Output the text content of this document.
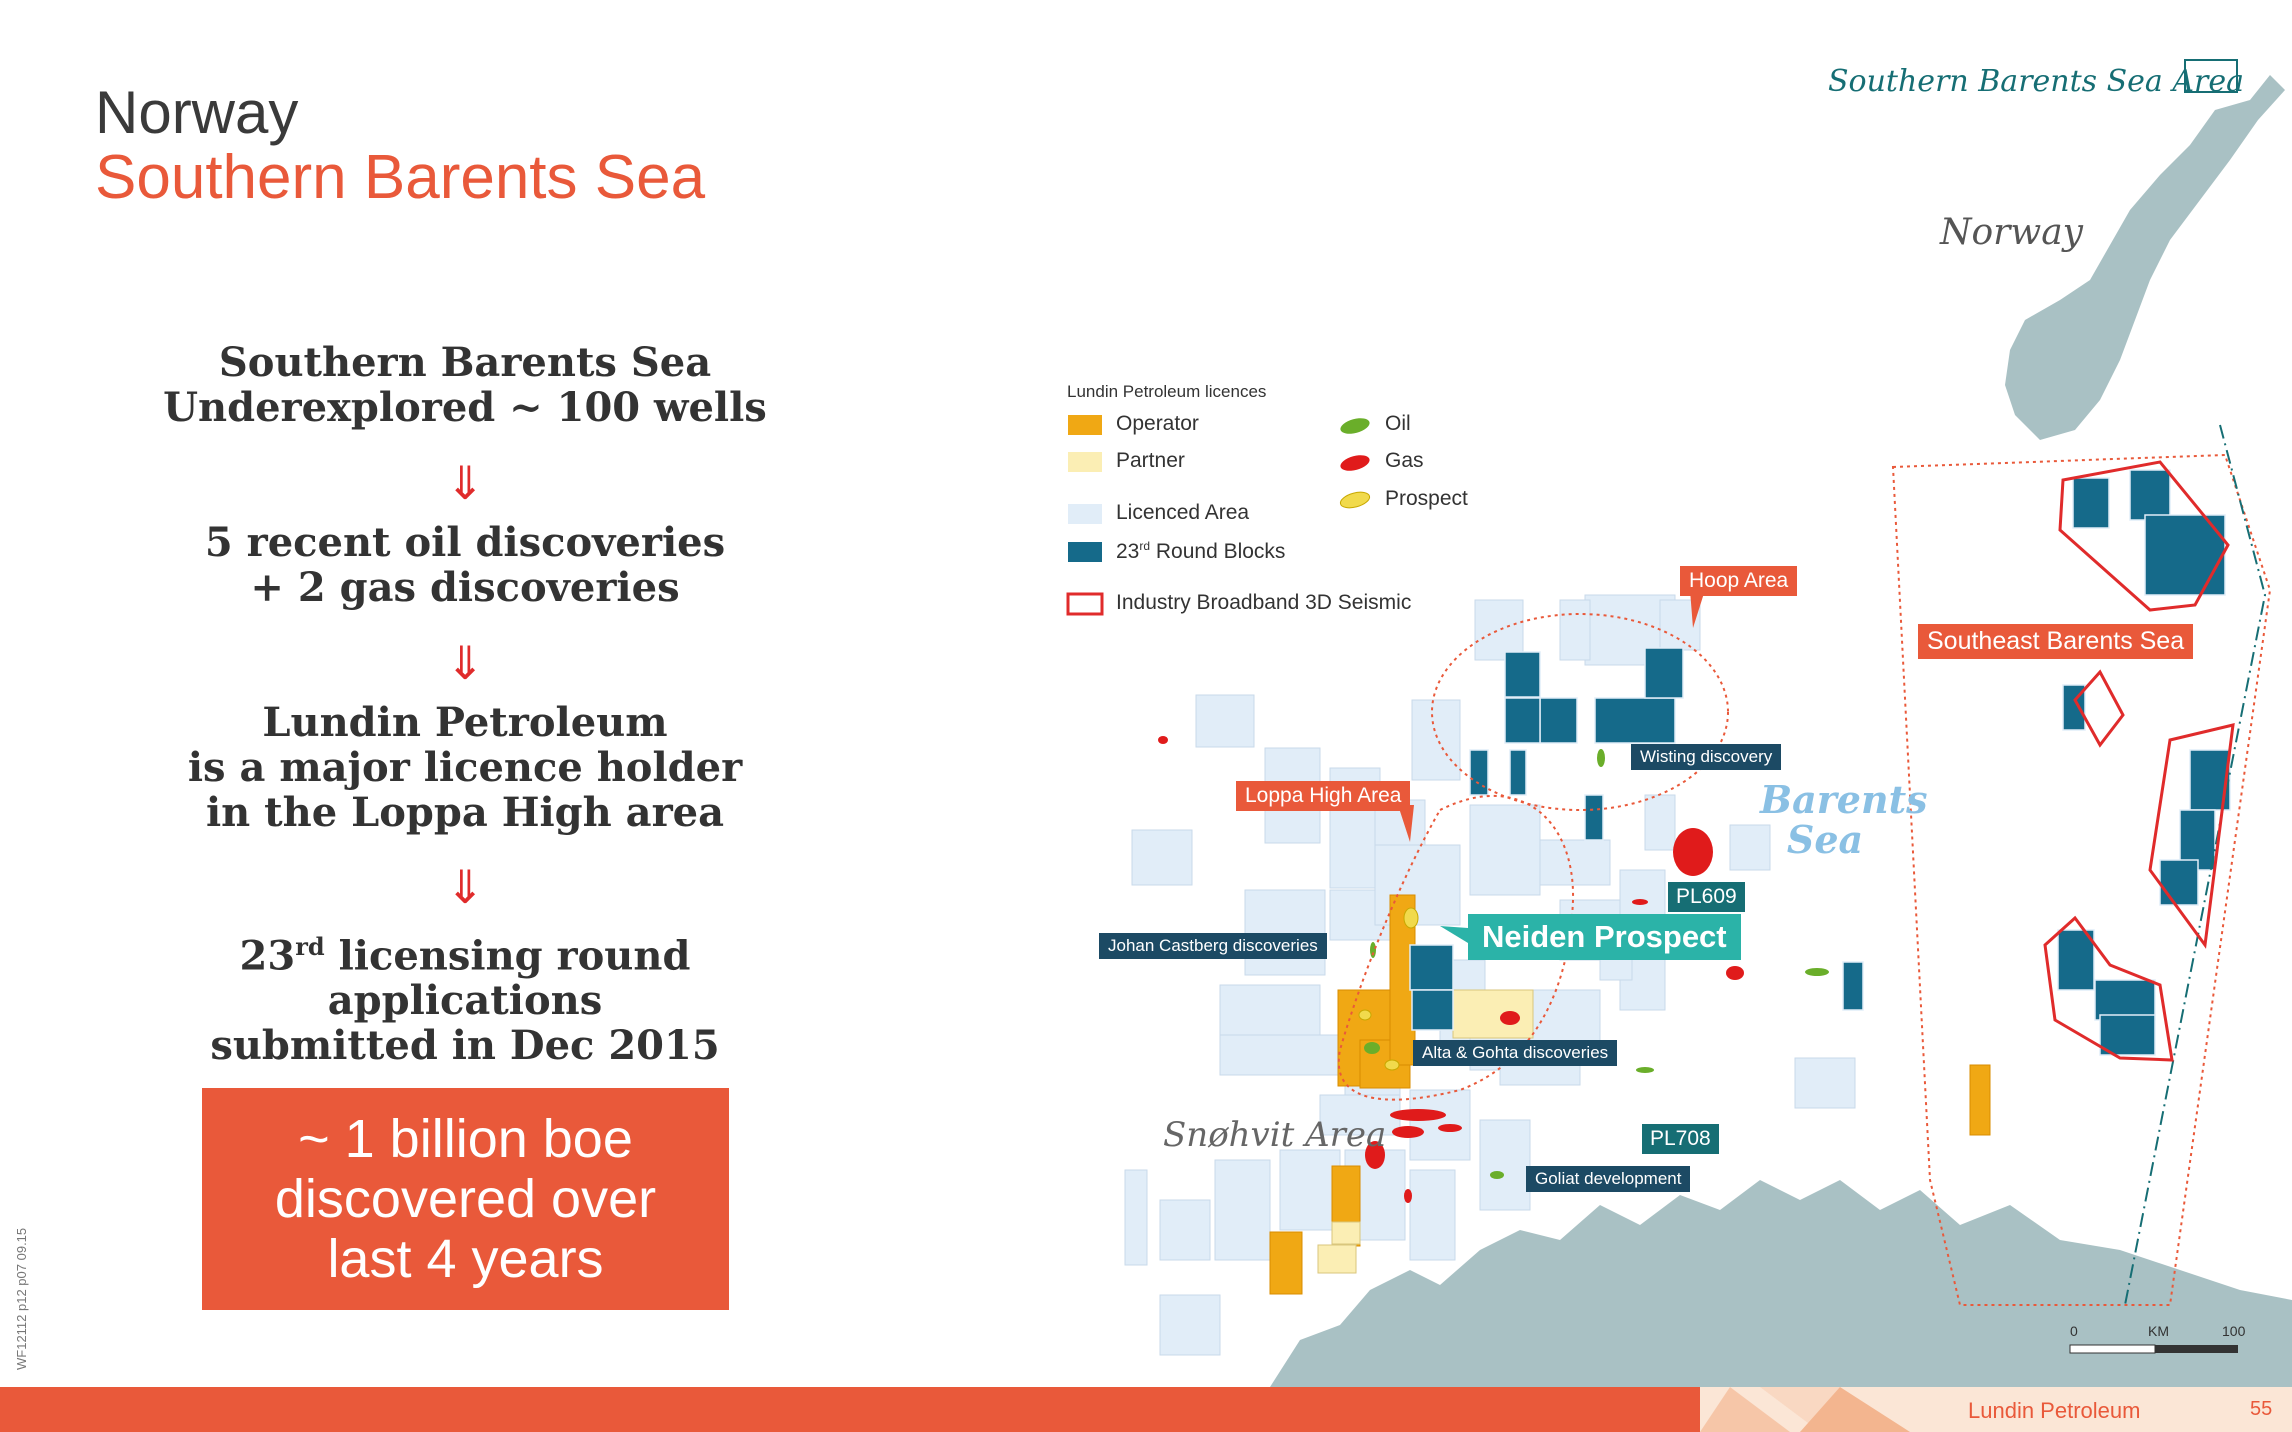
Norway
Southern Barents Sea
Southern Barents Sea
Underexplored ~ 100 wells
⇓
5 recent oil discoveries
+ 2 gas discoveries
⇓
Lundin Petroleum
is a major licence holder
in the Loppa High area
⇓
23rd licensing round applications
submitted in Dec 2015
~ 1 billion boe
discovered over
last 4 years
WF12112 p12 p07 09.15
Lundin Petroleum licences
Operator
Partner
Licenced Area
23rd Round Blocks
Industry Broadband 3D Seismic
Oil
Gas
Prospect
Southern Barents Sea Area
Norway
Barents
Sea
Snøhvit Area
Hoop Area
Loppa High Area
Southeast Barents Sea
Wisting discovery
PL609
Neiden Prospect
Johan Castberg discoveries
Alta & Gohta discoveries
PL708
Goliat development
0	KM	100
Lundin Petroleum	55
